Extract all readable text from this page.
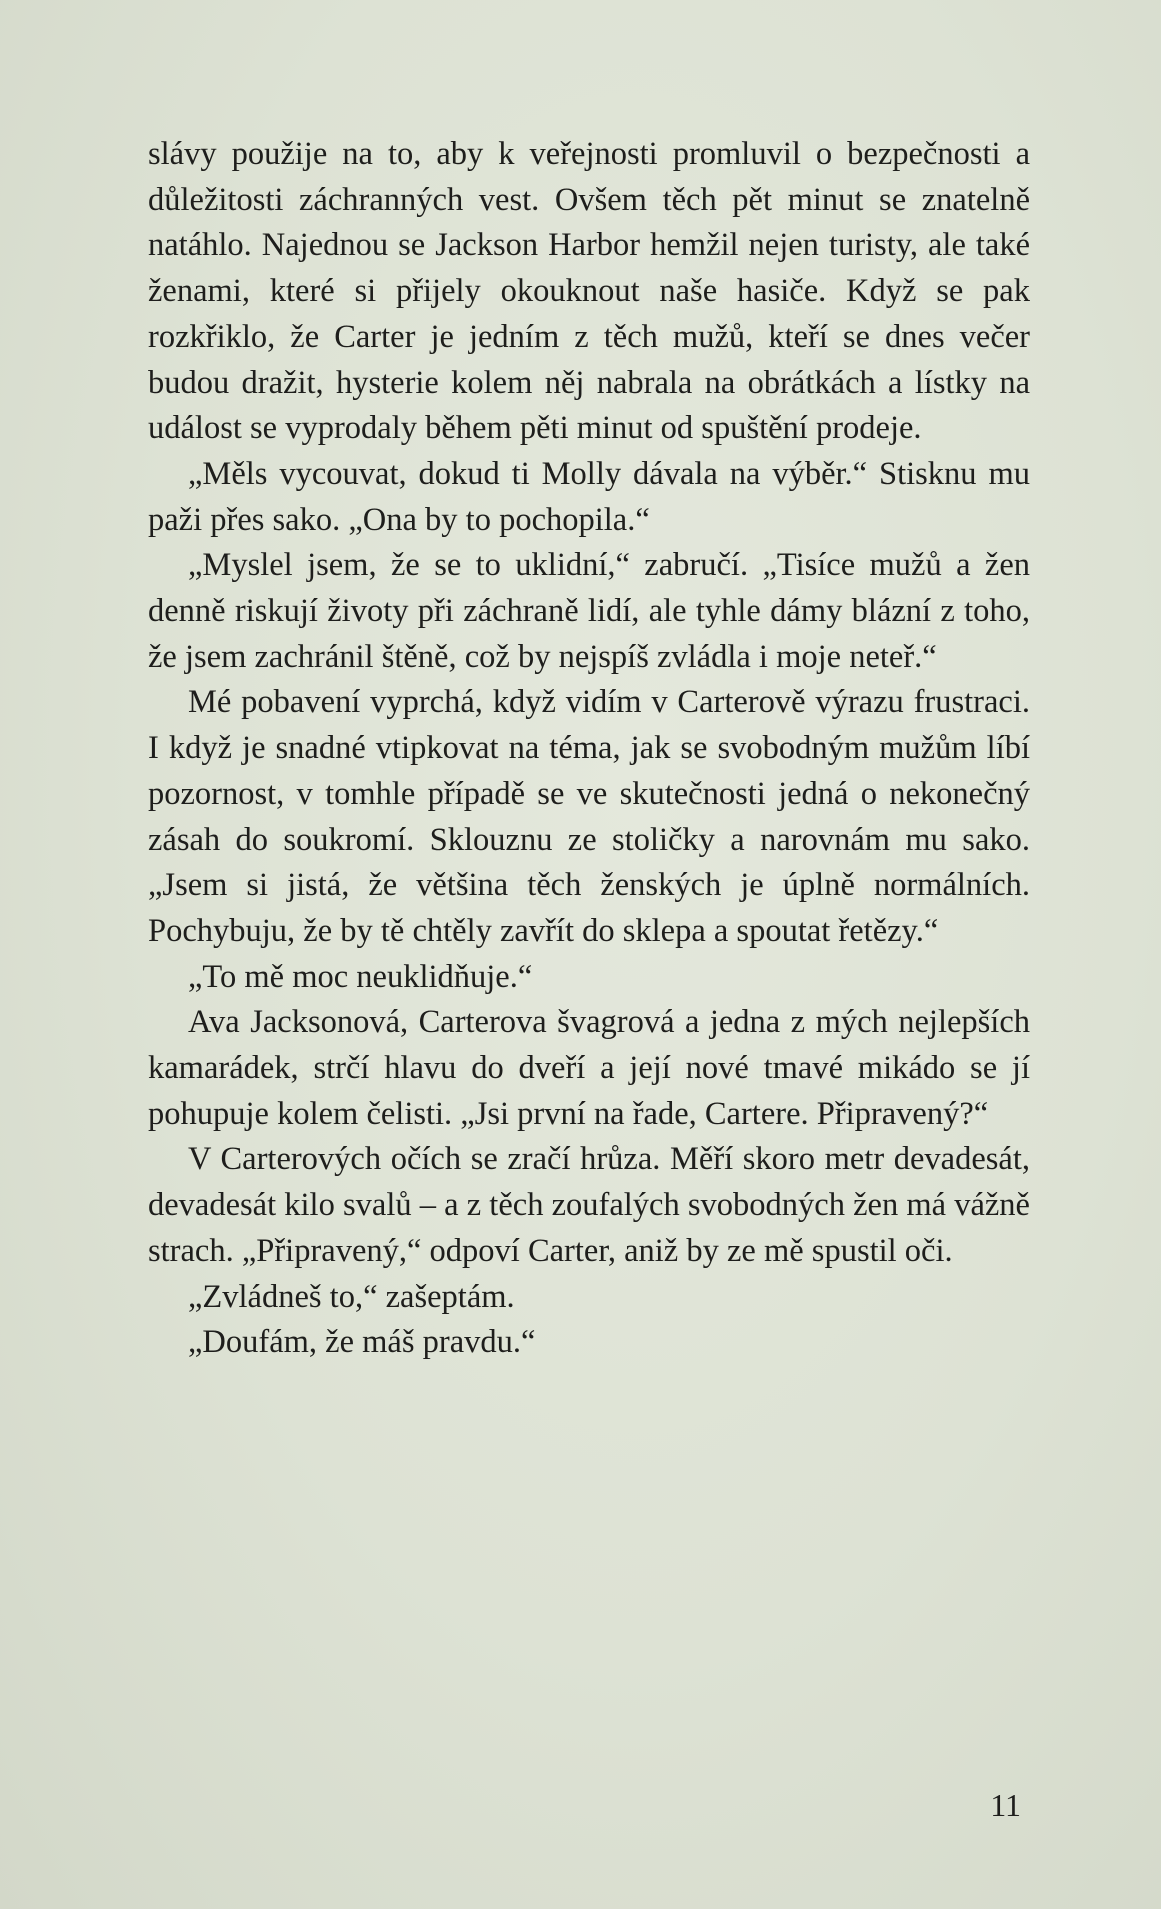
slávy použije na to, aby k veřejnosti promluvil o bezpečnosti a důležitosti záchranných vest. Ovšem těch pět minut se znatelně natáhlo. Najednou se Jackson Harbor hemžil nejen turisty, ale také ženami, které si přijely okouknout naše hasiče. Když se pak rozkřiklo, že Carter je jedním z těch mužů, kteří se dnes večer budou dražit, hysterie kolem něj nabrala na obrátkách a lístky na událost se vyprodaly během pěti minut od spuštění prodeje.

„Měls vycouvat, dokud ti Molly dávala na výběr.“ Stisknu mu paži přes sako. „Ona by to pochopila.“

„Myslel jsem, že se to uklidní,“ zabručí. „Tisíce mužů a žen denně riskují životy při záchraně lidí, ale tyhle dámy blázní z toho, že jsem zachránil štěně, což by nejspíš zvládla i moje neteř.“

Mé pobavení vyprchá, když vidím v Carterově výrazu frustraci. I když je snadné vtipkovat na téma, jak se svobodným mužům líbí pozornost, v tomhle případě se ve skutečnosti jedná o nekonečný zásah do soukromí. Sklouznu ze stoličky a narovnám mu sako. „Jsem si jistá, že většina těch ženských je úplně normálních. Pochybuju, že by tě chtěly zavřít do sklepa a spoutat řetězy.“

„To mě moc neuklidňuje.“

Ava Jacksonová, Carterova švagrová a jedna z mých nejlepších kamarádek, strčí hlavu do dveří a její nové tmavé mikádo se jí pohupuje kolem čelisti. „Jsi první na řade, Cartere. Připravený?“

V Carterových očích se zračí hrůza. Měří skoro metr devadesát, devadesát kilo svalů – a z těch zoufalých svobodných žen má vážně strach. „Připravený,“ odpoví Carter, aniž by ze mě spustil oči.

„Zvládneš to,“ zašeptám.

„Doufám, že máš pravdu.“

11
